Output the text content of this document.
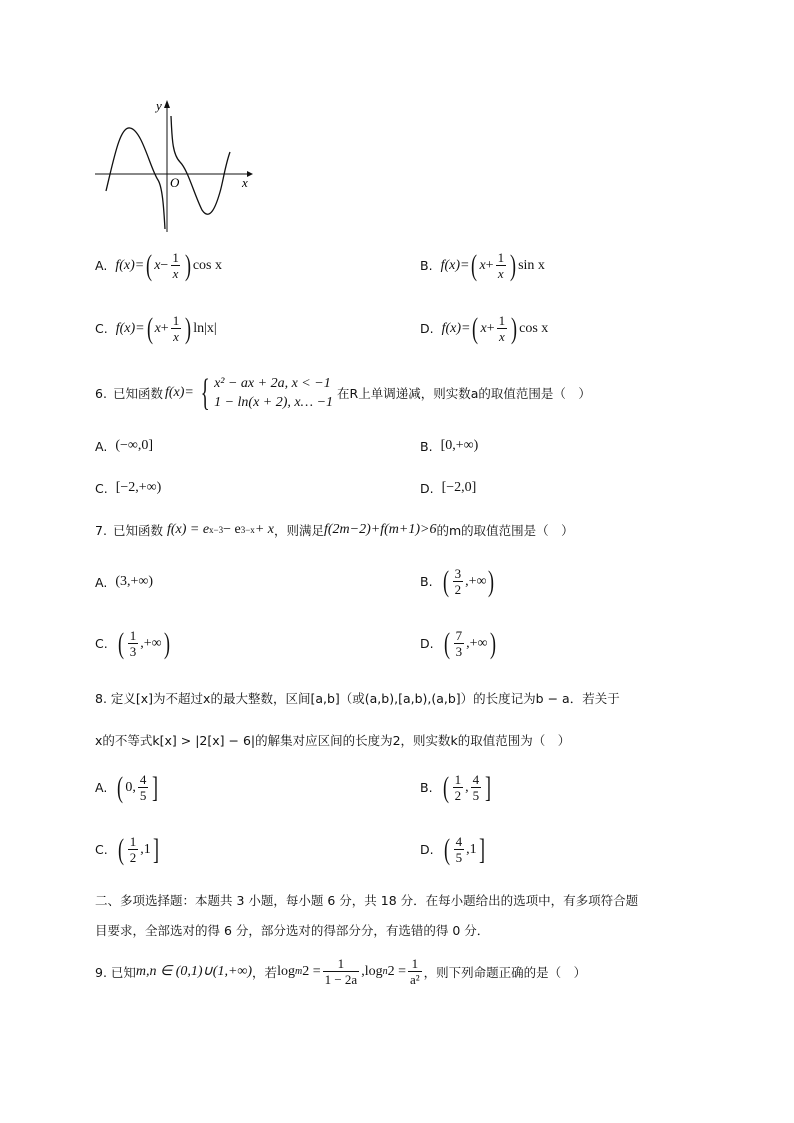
y
x
O
A. f(x)= ( $x - \frac{1}{x}$ ) cos x	B. f(x)= ( $x + \frac{1}{x}$ ) sin x
C. f(x)= ( $x + \frac{1}{x}$ ) ln|x|	D. f(x)= ( $x + \frac{1}{x}$ ) cos x
6. 已知函数 f(x)= { x² − ax + 2a, x < −1
1 − ln(x + 2), x… −1
在R上单调递减，则实数a的取值范围是（　）
A. (−∞,0]	B. [0,+∞)
C. [−2,+∞)	D. [−2,0]
7. 已知函数 f(x) = e x−3 − e 3−x + x ，则满足 f(2m−2)+f(m+1)>6 的m的取值范围是（　）
A. (3,+∞)	B. ( $\frac{3}{2}$ ,+∞ )
C. ( $\frac{1}{3}$ ,+∞ )	D. ( $\frac{7}{3}$ ,+∞ )
8. 定义[x]为不超过x的最大整数，区间[a,b]（或(a,b),[a,b),(a,b]）的长度记为b − a．若关于
x的不等式k[x] > |2[x] − 6|的解集对应区间的长度为2，则实数k的取值范围为（　）
A. ( 0 , $\frac{4}{5}$ ]	B. ( $\frac{1}{2}$ , $\frac{4}{5}$ ]
C. ( $\frac{1}{2}$ , 1 ]	D. ( $\frac{4}{5}$ , 1 ]
二、多项选择题：本题共 3 小题，每小题 6 分，共 18 分．在每小题给出的选项中，有多项符合题
目要求，全部选对的得 6 分，部分选对的得部分分，有选错的得 0 分．
9. 已知 m,n ∈ (0,1)∪(1,+∞) ，若 log m $2 = \frac{1}{1 - 2a} ,\log$ n $2 = \frac{1}{\text{a²}}$ ，则下列命题正确的是（　）
